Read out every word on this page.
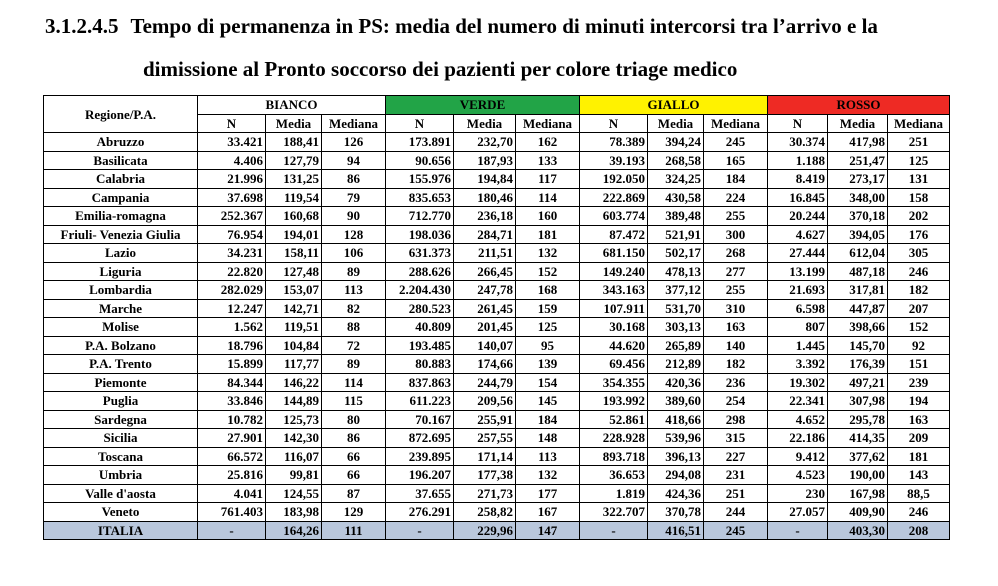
3.1.2.4.5 Tempo di permanenza in PS: media del numero di minuti intercorsi tra l’arrivo e la
dimissione al Pronto soccorso dei pazienti per colore triage medico
Regione/P.A.	BIANCO			VERDE			GIALLO			ROSSO		
	N	Media	Mediana	N	Media	Mediana	N	Media	Mediana	N	Media	Mediana
Abruzzo	33.421	188,41	126	173.891	232,70	162	78.389	394,24	245	30.374	417,98	251
Basilicata	4.406	127,79	94	90.656	187,93	133	39.193	268,58	165	1.188	251,47	125
Calabria	21.996	131,25	86	155.976	194,84	117	192.050	324,25	184	8.419	273,17	131
Campania	37.698	119,54	79	835.653	180,46	114	222.869	430,58	224	16.845	348,00	158
Emilia-romagna	252.367	160,68	90	712.770	236,18	160	603.774	389,48	255	20.244	370,18	202
Friuli- Venezia Giulia	76.954	194,01	128	198.036	284,71	181	87.472	521,91	300	4.627	394,05	176
Lazio	34.231	158,11	106	631.373	211,51	132	681.150	502,17	268	27.444	612,04	305
Liguria	22.820	127,48	89	288.626	266,45	152	149.240	478,13	277	13.199	487,18	246
Lombardia	282.029	153,07	113	2.204.430	247,78	168	343.163	377,12	255	21.693	317,81	182
Marche	12.247	142,71	82	280.523	261,45	159	107.911	531,70	310	6.598	447,87	207
Molise	1.562	119,51	88	40.809	201,45	125	30.168	303,13	163	807	398,66	152
P.A. Bolzano	18.796	104,84	72	193.485	140,07	95	44.620	265,89	140	1.445	145,70	92
P.A. Trento	15.899	117,77	89	80.883	174,66	139	69.456	212,89	182	3.392	176,39	151
Piemonte	84.344	146,22	114	837.863	244,79	154	354.355	420,36	236	19.302	497,21	239
Puglia	33.846	144,89	115	611.223	209,56	145	193.992	389,60	254	22.341	307,98	194
Sardegna	10.782	125,73	80	70.167	255,91	184	52.861	418,66	298	4.652	295,78	163
Sicilia	27.901	142,30	86	872.695	257,55	148	228.928	539,96	315	22.186	414,35	209
Toscana	66.572	116,07	66	239.895	171,14	113	893.718	396,13	227	9.412	377,62	181
Umbria	25.816	99,81	66	196.207	177,38	132	36.653	294,08	231	4.523	190,00	143
Valle d'aosta	4.041	124,55	87	37.655	271,73	177	1.819	424,36	251	230	167,98	88,5
Veneto	761.403	183,98	129	276.291	258,82	167	322.707	370,78	244	27.057	409,90	246
ITALIA	-	164,26	111	-	229,96	147	-	416,51	245	-	403,30	208
